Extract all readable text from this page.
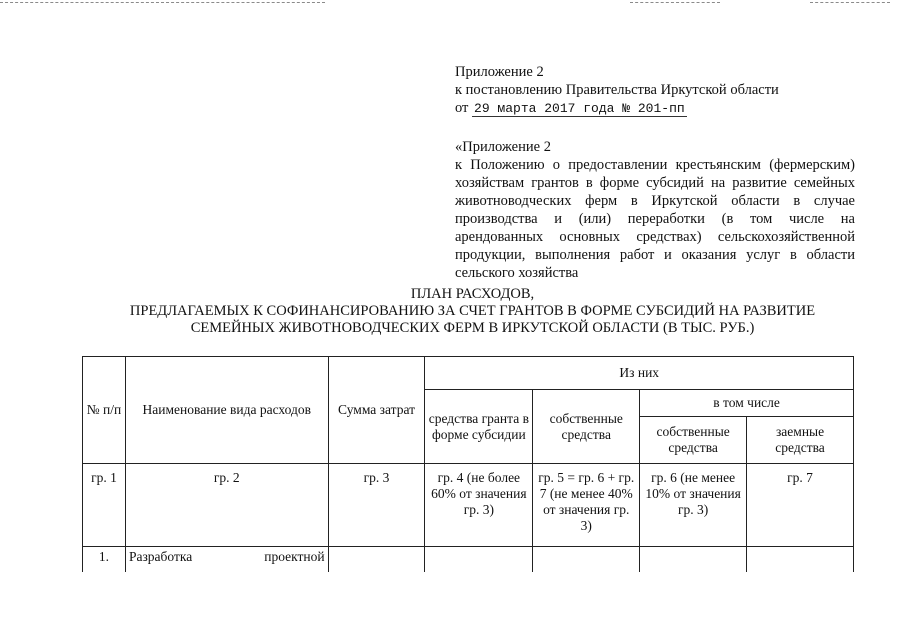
Приложение 2
к постановлению Правительства Иркутской области
от 29 марта 2017 года № 201-пп
«Приложение 2
к Положению о предоставлении крестьянским (фермерским)
хозяйствам грантов в форме субсидий на развитие семейных
животноводческих ферм в Иркутской области в случае
производства и (или) переработки (в том числе на
арендованных основных средствах) сельскохозяйственной
продукции, выполнения работ и оказания услуг в области
сельского хозяйства
ПЛАН РАСХОДОВ,
ПРЕДЛАГАЕМЫХ К СОФИНАНСИРОВАНИЮ ЗА СЧЕТ ГРАНТОВ В ФОРМЕ СУБСИДИЙ НА РАЗВИТИЕ
СЕМЕЙНЫХ ЖИВОТНОВОДЧЕСКИХ ФЕРМ В ИРКУТСКОЙ ОБЛАСТИ (В ТЫС. РУБ.)
№ п/п	Наименование вида расходов	Сумма затрат	Из них			
			средства гранта в форме субсидии	собственные средства	в том числе	
					собственные средства	заемные средства
гр. 1	гр. 2	гр. 3	гр. 4 (не более 60% от значения гр. 3)	гр. 5 = гр. 6 + гр. 7 (не менее 40% от значения гр. 3)	гр. 6 (не менее 10% от значения гр. 3)	гр. 7
1.	Разработка проектной					
